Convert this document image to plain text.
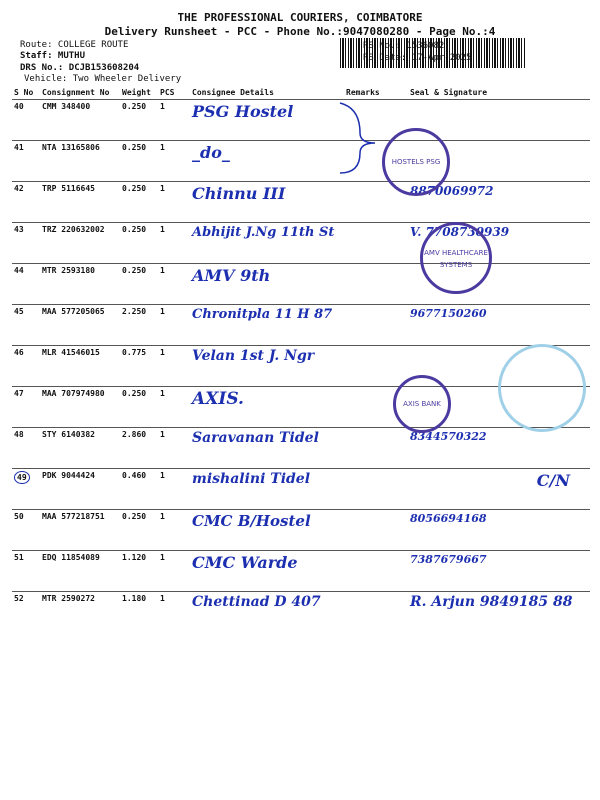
THE PROFESSIONAL COURIERS, COIMBATORE
Delivery Runsheet - PCC - Phone No.:9047080280 - Page No.:4
Route: COLLEGE ROUTE
Staff: MUTHU
DRS No.: DCJB153608204
Vehicle: Two Wheeler Delivery
RS No.: 1536082
RS Date: 17-Apr-2025
S No	Consignment No	Weight	PCS	Consignee Details	Remarks	Seal & Signature
40	CMM 348400	0.250	1	PSG Hostel		
41	NTA 13165806	0.250	1	_do_		
42	TRP 5116645	0.250	1	Chinnu III		8870069972
43	TRZ 220632002	0.250	1	Abhijit J.Ng 11th St		V. 7708730939
44	MTR 2593180	0.250	1	AMV 9th		
45	MAA 577205065	2.250	1	Chronitpla 11 H 87		9677150260
46	MLR 41546015	0.775	1	Velan 1st J. Ngr		
47	MAA 707974980	0.250	1	AXIS.		
48	STY 6140382	2.860	1	Saravanan Tidel		8344570322
49	PDK 9044424	0.460	1	mishalini Tidel		C/N
50	MAA 577218751	0.250	1	CMC B/Hostel		8056694168
51	EDQ 11854089	1.120	1	CMC Warde		7387679667
52	MTR 2590272	1.180	1	Chettinad D 407		R. Arjun 9849185 88
HOSTELS PSG
AMV HEALTHCARE SYSTEMS
AXIS BANK
